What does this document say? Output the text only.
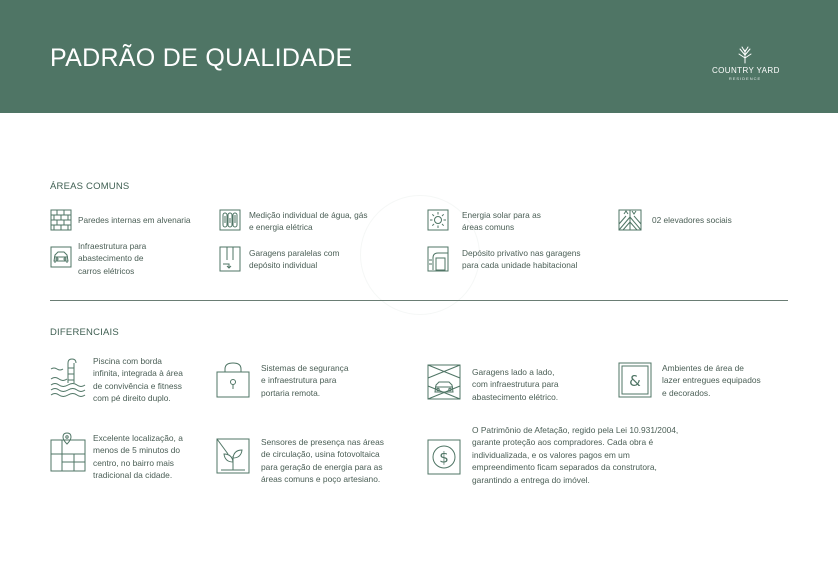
PADRÃO DE QUALIDADE	COUNTRY YARD
RESIDENCE
ÁREAS COMUNS
Paredes internas em alvenaria	Medição individual de água, gás
e energia elétrica
Energia solar para as
áreas comuns
02 elevadores sociais
Infraestrutura para
abastecimento de
carros elétricos
Garagens paralelas com
depósito individual
Depósito privativo nas garagens
para cada unidade habitacional
DIFERENCIAIS
Piscina com borda
infinita, integrada à área
de convivência e fitness
com pé direito duplo.
Sistemas de segurança
e infraestrutura para
portaria remota.
Garagens lado a lado,
com infraestrutura para
abastecimento elétrico.
&
Ambientes de área de
lazer entregues equipados
e decorados.
Excelente localização, a
menos de 5 minutos do
centro, no bairro mais
tradicional da cidade.
Sensores de presença nas áreas
de circulação, usina fotovoltaica
para geração de energia para as
áreas comuns e poço artesiano.
$
O Patrimônio de Afetação, regido pela Lei 10.931/2004,
garante proteção aos compradores. Cada obra é
individualizada, e os valores pagos em um
empreendimento ficam separados da construtora,
garantindo a entrega do imóvel.
